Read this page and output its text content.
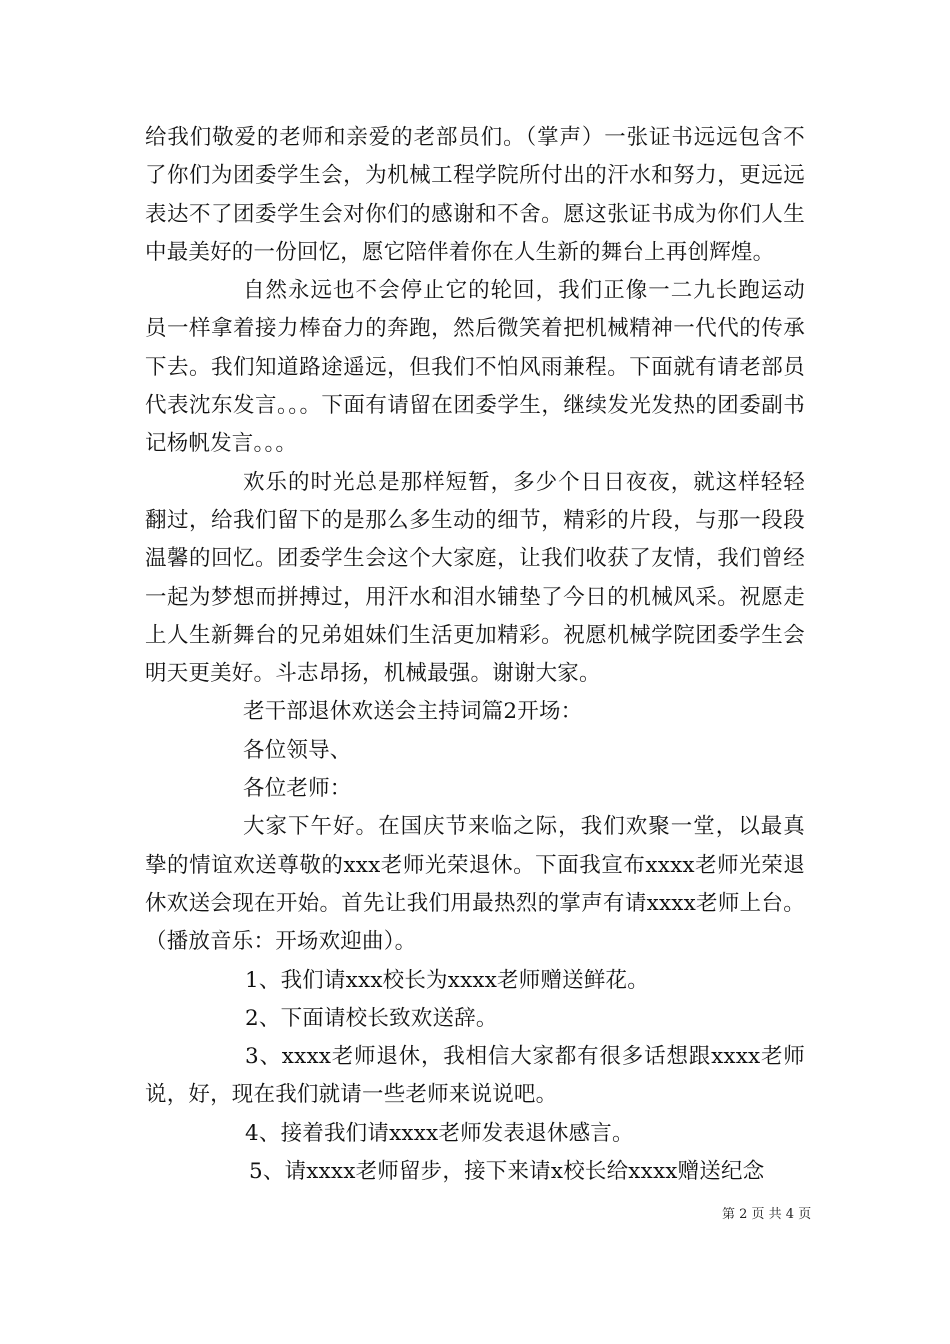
给我们敬爱的老师和亲爱的老部员们。（掌声）一张证书远远包含不了你们为团委学生会，为机械工程学院所付出的汗水和努力，更远远表达不了团委学生会对你们的感谢和不舍。愿这张证书成为你们人生中最美好的一份回忆，愿它陪伴着你在人生新的舞台上再创辉煌。

自然永远也不会停止它的轮回，我们正像一二九长跑运动员一样拿着接力棒奋力的奔跑，然后微笑着把机械精神一代代的传承下去。我们知道路途遥远，但我们不怕风雨兼程。下面就有请老部员代表沈东发言。。。下面有请留在团委学生，继续发光发热的团委副书记杨帆发言。。。

欢乐的时光总是那样短暂，多少个日日夜夜，就这样轻轻翻过，给我们留下的是那么多生动的细节，精彩的片段，与那一段段温馨的回忆。团委学生会这个大家庭，让我们收获了友情，我们曾经一起为梦想而拼搏过，用汗水和泪水铺垫了今日的机械风采。祝愿走上人生新舞台的兄弟姐妹们生活更加精彩。祝愿机械学院团委学生会明天更美好。斗志昂扬，机械最强。谢谢大家。

老干部退休欢送会主持词篇2开场：

各位领导、

各位老师：

大家下午好。在国庆节来临之际，我们欢聚一堂，以最真挚的情谊欢送尊敬的xxx老师光荣退休。下面我宣布xxxx老师光荣退休欢送会现在开始。首先让我们用最热烈的掌声有请xxxx老师上台。（播放音乐：开场欢迎曲）。

1、我们请xxx校长为xxxx老师赠送鲜花。

2、下面请校长致欢送辞。

3、xxxx老师退休，我相信大家都有很多话想跟xxxx老师说，好，现在我们就请一些老师来说说吧。

4、接着我们请xxxx老师发表退休感言。

5、请xxxx老师留步，接下来请x校长给xxxx赠送纪念

第 2 页 共 4 页
